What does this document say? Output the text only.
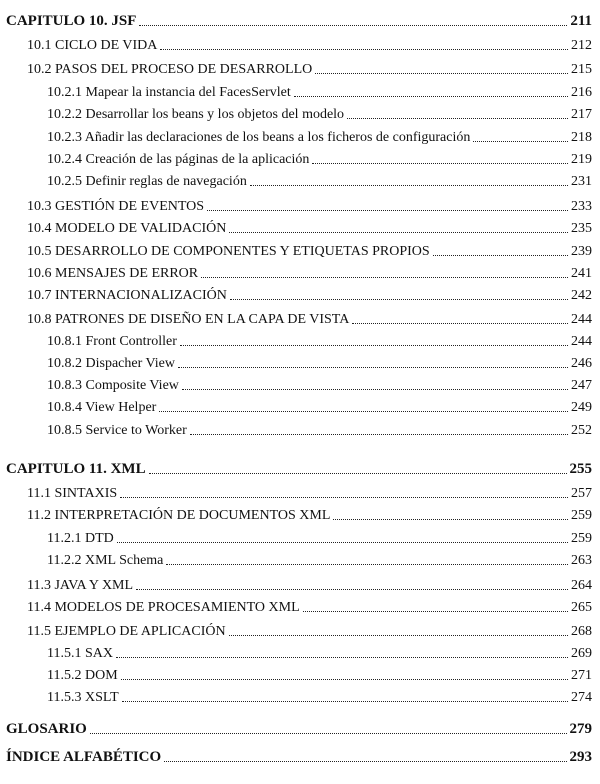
CAPITULO 10. JSF	211
10.1 CICLO DE VIDA	212
10.2 PASOS DEL PROCESO DE DESARROLLO	215
10.2.1 Mapear la instancia del FacesServlet	216
10.2.2 Desarrollar los beans y los objetos del modelo	217
10.2.3 Añadir las declaraciones de los beans a los ficheros de configuración	218
10.2.4 Creación de las páginas de la aplicación	219
10.2.5 Definir reglas de navegación	231
10.3 GESTIÓN DE EVENTOS	233
10.4 MODELO DE VALIDACIÓN	235
10.5 DESARROLLO DE COMPONENTES Y ETIQUETAS PROPIOS	239
10.6 MENSAJES DE ERROR	241
10.7 INTERNACIONALIZACIÓN	242
10.8 PATRONES DE DISEÑO EN LA CAPA DE VISTA	244
10.8.1 Front Controller	244
10.8.2 Dispacher View	246
10.8.3 Composite View	247
10.8.4 View Helper	249
10.8.5 Service to Worker	252
CAPITULO 11. XML	255
11.1 SINTAXIS	257
11.2 INTERPRETACIÓN DE DOCUMENTOS XML	259
11.2.1 DTD	259
11.2.2 XML Schema	263
11.3 JAVA Y XML	264
11.4 MODELOS DE PROCESAMIENTO XML	265
11.5 EJEMPLO DE APLICACIÓN	268
11.5.1 SAX	269
11.5.2 DOM	271
11.5.3 XSLT	274
GLOSARIO	279
ÍNDICE ALFABÉTICO	293
